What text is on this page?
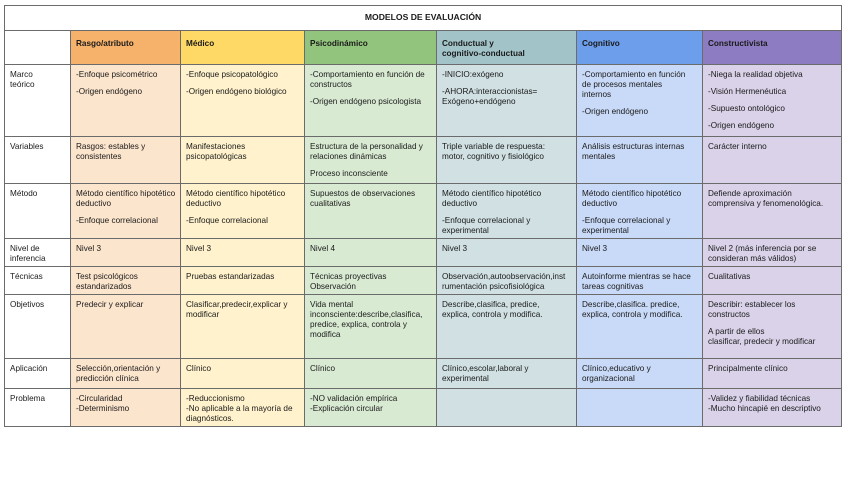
MODELOS DE EVALUACIÓN						

	Rasgo/atributo	Médico	Psicodinámico	Conductual y
cognitivo-conductual	Cognitivo	Constructivista

Marco
teórico	-Enfoque psicométrico
-Origen endógeno	-Enfoque psicopatológico
-Origen endógeno biológico	-Comportamiento en función de
constructos
-Origen endógeno psicologista	-INICIO:exógeno
-AHORA:interaccionistas=
Exógeno+endógeno	-Comportamiento en función
de procesos mentales
internos
-Origen endógeno	-Niega la realidad objetiva
-Visión Hermenéutica
-Supuesto ontológico
-Origen endógeno

Variables	Rasgos: estables y
consistentes	Manifestaciones
psicopatológicas	Estructura de la personalidad y
relaciones dinámicas
Proceso inconsciente	Triple variable de respuesta:
motor, cognitivo y fisiológico	Análisis estructuras internas
mentales	Carácter interno

Método	Método científico hipotético
deductivo
-Enfoque correlacional	Método científico hipotético
deductivo
-Enfoque correlacional	Supuestos de observaciones
cualitativas	Método científico hipotético
deductivo
-Enfoque correlacional y
experimental	Método científico hipotético
deductivo
-Enfoque correlacional y
experimental	Defiende aproximación
comprensiva y fenomenológica.

Nivel de
inferencia	Nivel 3	Nivel 3	Nivel 4	Nivel 3	Nivel 3	Nivel 2 (más inferencia por se
consideran más válidos)

Técnicas	Test psicológicos
estandarizados	Pruebas estandarizadas	Técnicas proyectivas
Observación	Observación,autoobservación,inst
rumentación psicofisiológica	Autoinforme mientras se hace
tareas cognitivas	Cualitativas

Objetivos	Predecir y explicar	Clasificar,predecir,explicar y
modificar	Vida mental
inconsciente:describe,clasifica,
predice, explica, controla y
modifica	Describe,clasifica, predice,
explica, controla y modifica.	Describe,clasifica. predice,
explica, controla y modifica.	Describir: establecer los
constructos
A partir de ellos
clasificar, predecir y modificar

Aplicación	Selección,orientación y
predicción clínica	Clínico	Clínico	Clínico,escolar,laboral y
experimental	Clínico,educativo y
organizacional	Principalmente clínico

Problema	-Circularidad
-Determinismo	-Reduccionismo
-No aplicable a la mayoría de
diagnósticos.	-NO validación empírica
-Explicación circular			-Validez y fiabilidad técnicas
-Mucho hincapié en descriptivo
